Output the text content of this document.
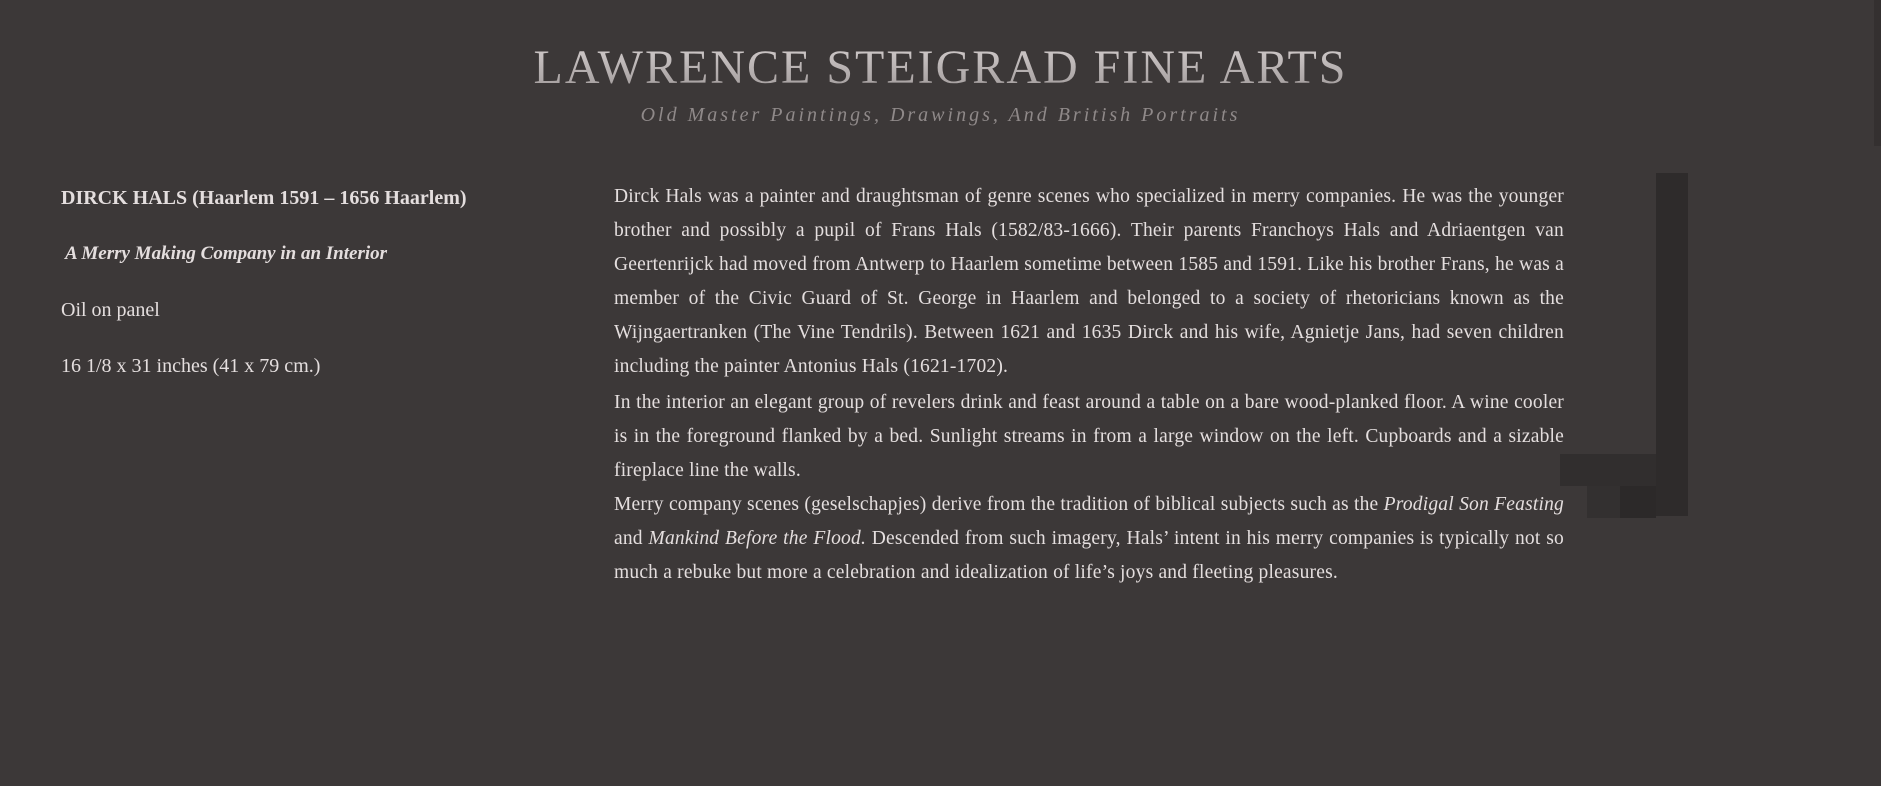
LAWRENCE STEIGRAD FINE ARTS
Old Master Paintings, Drawings, And British Portraits
DIRCK HALS (Haarlem 1591 – 1656 Haarlem)
A Merry Making Company in an Interior
Oil on panel
16 1/8 x 31 inches (41 x 79 cm.)

Dirck Hals was a painter and draughtsman of genre scenes who specialized in merry companies. He was the younger brother and possibly a pupil of Frans Hals (1582/83-1666). Their parents Franchoys Hals and Adriaentgen van Geertenrijck had moved from Antwerp to Haarlem sometime between 1585 and 1591. Like his brother Frans, he was a member of the Civic Guard of St. George in Haarlem and belonged to a society of rhetoricians known as the Wijngaertranken (The Vine Tendrils). Between 1621 and 1635 Dirck and his wife, Agnietje Jans, had seven children including the painter Antonius Hals (1621-1702).

In the interior an elegant group of revelers drink and feast around a table on a bare wood-planked floor. A wine cooler is in the foreground flanked by a bed. Sunlight streams in from a large window on the left. Cupboards and a sizable fireplace line the walls.

Merry company scenes (geselschapjes) derive from the tradition of biblical subjects such as the Prodigal Son Feasting and Mankind Before the Flood. Descended from such imagery, Hals’ intent in his merry companies is typically not so much a rebuke but more a celebration and idealization of life’s joys and fleeting pleasures.
